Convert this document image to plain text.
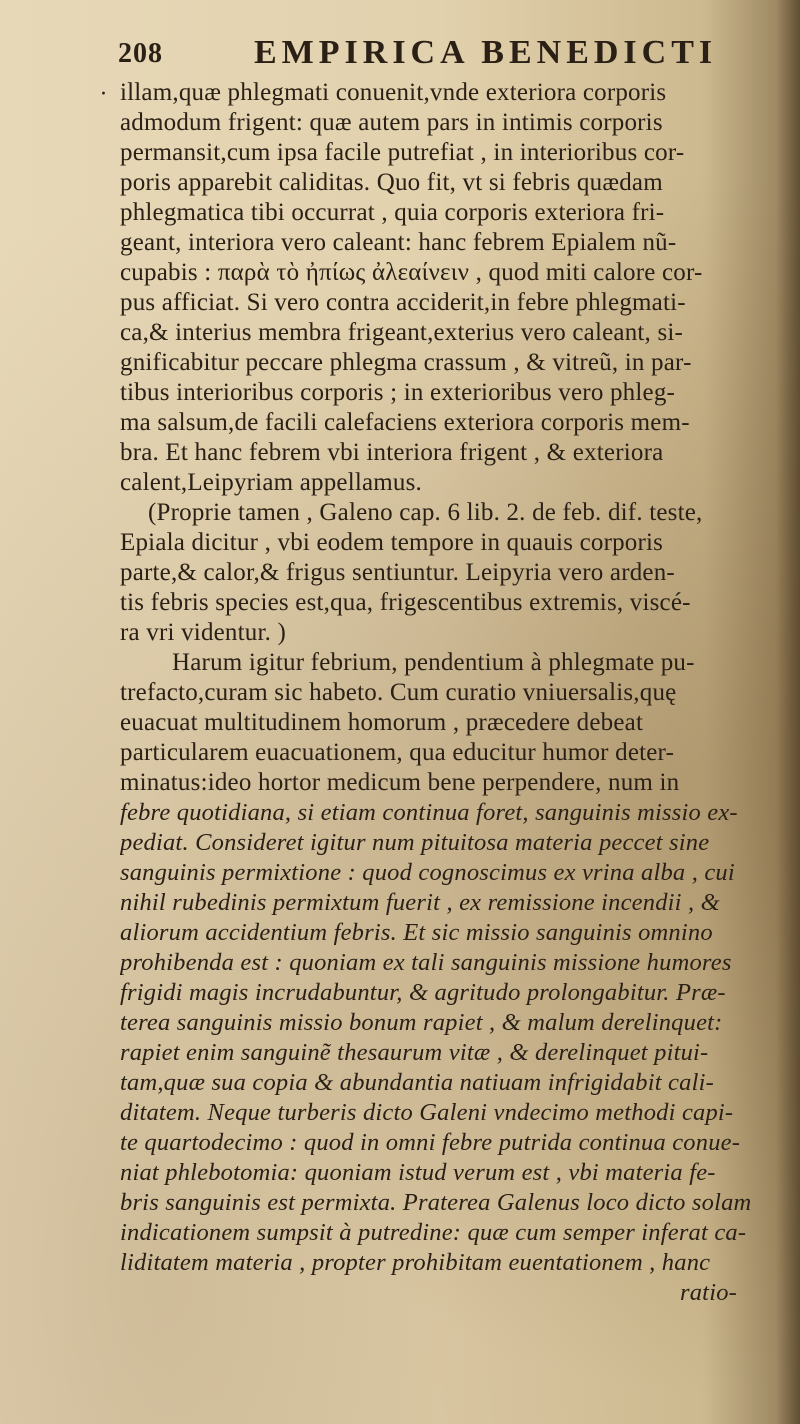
208	EMPIRICA BENEDICTI
· illam,quæ phlegmati conuenit,vnde exteriora corporis
admodum frigent: quæ autem pars in intimis corporis
permansit,cum ipsa facile putrefiat , in interioribus cor-
poris apparebit caliditas. Quo fit, vt si febris quædam
phlegmatica tibi occurrat , quia corporis exteriora fri-
geant, interiora vero caleant: hanc febrem Epialem nũ-
cupabis : παρὰ τὸ ἠπίως ἀλεαίνειν , quod miti calore cor-
pus afficiat. Si vero contra acciderit,in febre phlegmati-
ca,& interius membra frigeant,exterius vero caleant, si-
gnificabitur peccare phlegma crassum , & vitreũ, in par-
tibus interioribus corporis ; in exterioribus vero phleg-
ma salsum,de facili calefaciens exteriora corporis mem-
bra. Et hanc febrem vbi interiora frigent , & exteriora
calent,Leipyriam appellamus.
(Proprie tamen , Galeno cap. 6 lib. 2. de feb. dif. teste,
Epiala dicitur , vbi eodem tempore in quauis corporis
parte,& calor,& frigus sentiuntur. Leipyria vero arden-
tis febris species est,qua, frigescentibus extremis, viscé-
ra vri videntur. )
Harum igitur febrium, pendentium à phlegmate pu-
trefacto,curam sic habeto. Cum curatio vniuersalis,quę
euacuat multitudinem homorum , præcedere debeat
particularem euacuationem, qua educitur humor deter-
minatus:ideo hortor medicum bene perpendere, num in
febre quotidiana, si etiam continua foret, sanguinis missio ex-
pediat. Consideret igitur num pituitosa materia peccet sine
sanguinis permixtione : quod cognoscimus ex vrina alba , cui
nihil rubedinis permixtum fuerit , ex remissione incendii , &
aliorum accidentium febris. Et sic missio sanguinis omnino
prohibenda est : quoniam ex tali sanguinis missione humores
frigidi magis incrudabuntur, & agritudo prolongabitur. Præ-
terea sanguinis missio bonum rapiet , & malum derelinquet:
rapiet enim sanguinẽ thesaurum vitæ , & derelinquet pitui-
tam,quæ sua copia & abundantia natiuam infrigidabit cali-
ditatem. Neque turberis dicto Galeni vndecimo methodi capi-
te quartodecimo : quod in omni febre putrida continua conue-
niat phlebotomia: quoniam istud verum est , vbi materia fe-
bris sanguinis est permixta. Praterea Galenus loco dicto solam
indicationem sumpsit à putredine: quæ cum semper inferat ca-
liditatem materia , propter prohibitam euentationem , hanc
ratio-
